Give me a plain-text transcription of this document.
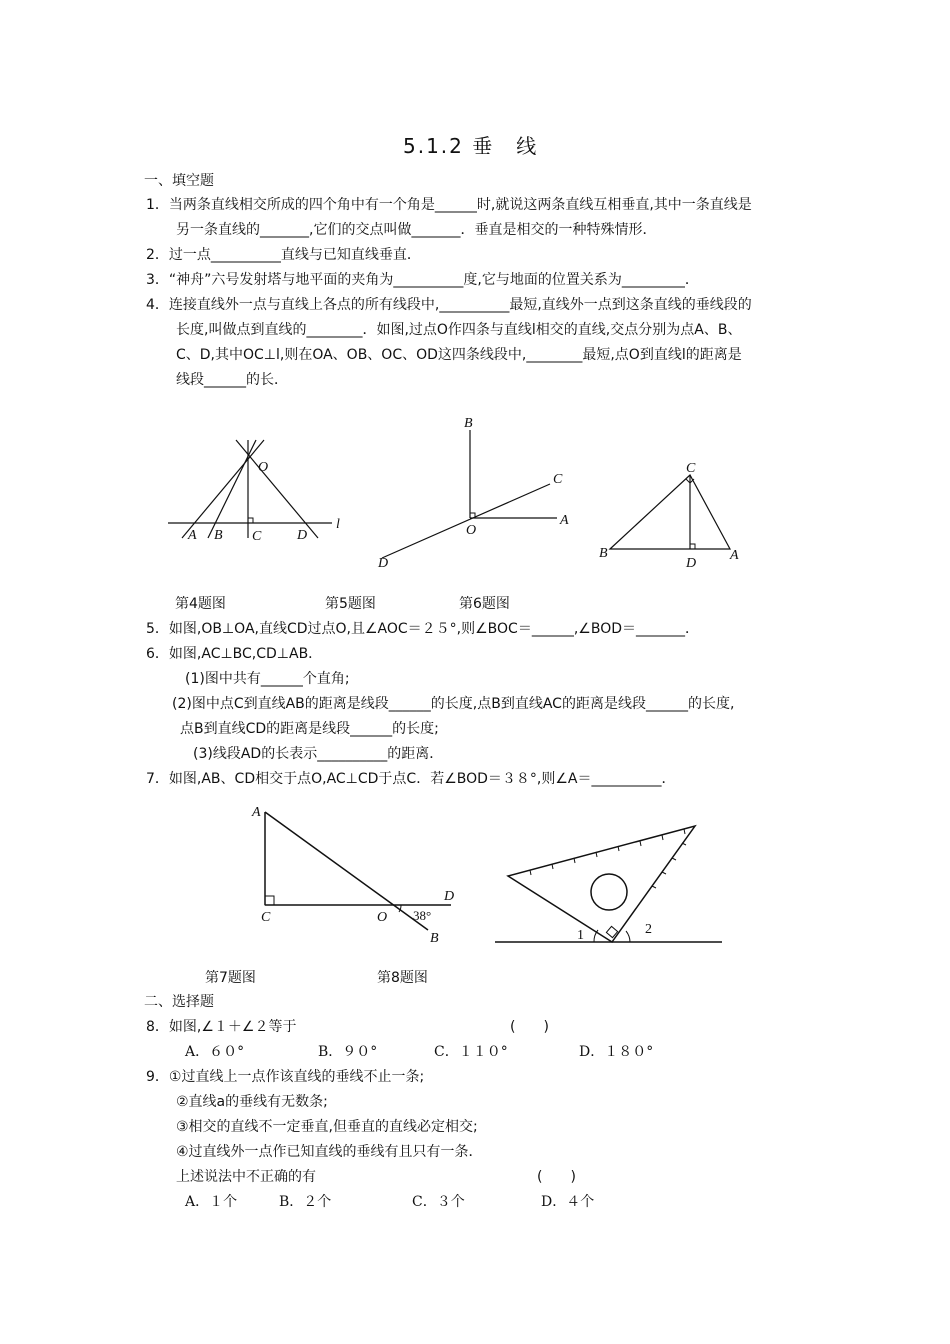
5.1.2 垂　线
一、填空题
1．当两条直线相交所成的四个角中有一个角是______时,就说这两条直线互相垂直,其中一条直线是
另一条直线的_______,它们的交点叫做_______．垂直是相交的一种特殊情形．
2．过一点__________直线与已知直线垂直．
3．“神舟”六号发射塔与地平面的夹角为__________度,它与地面的位置关系为_________．
4．连接直线外一点与直线上各点的所有线段中,__________最短,直线外一点到这条直线的垂线段的
长度,叫做点到直线的________．如图,过点O作四条与直线l相交的直线,交点分别为点A、B、
C、D,其中OC⊥l,则在OA、OB、OC、OD这四条线段中,________最短,点O到直线l的距离是
线段______的长．
O
A B C	D
l
B
C
A
O
D
C
B
D
A
第4题图	第5题图	第6题图
5．如图,OB⊥OA,直线CD过点O,且∠AOC＝２５°,则∠BOC＝______,∠BOD＝_______．
6．如图,AC⊥BC,CD⊥AB．
(1)图中共有______个直角;
(2)图中点C到直线AB的距离是线段______的长度,点B到直线AC的距离是线段______的长度,
点B到直线CD的距离是线段______的长度;
(3)线段AD的长表示__________的距离．
7．如图,AB、CD相交于点O,AC⊥CD于点C．若∠BOD＝３８°,则∠A＝__________．
A
C	O
D
B
38°
1	2
第7题图	第8题图
二、选择题
8．如图,∠１＋∠２等于	(　　)
A．６０°	B．９０°	C．１１０°	D．１８０°
9．①过直线上一点作该直线的垂线不止一条;
②直线a的垂线有无数条;
③相交的直线不一定垂直,但垂直的直线必定相交;
④过直线外一点作已知直线的垂线有且只有一条．
上述说法中不正确的有	(　　)
A．１个	B．２个	C．３个	D．４个
